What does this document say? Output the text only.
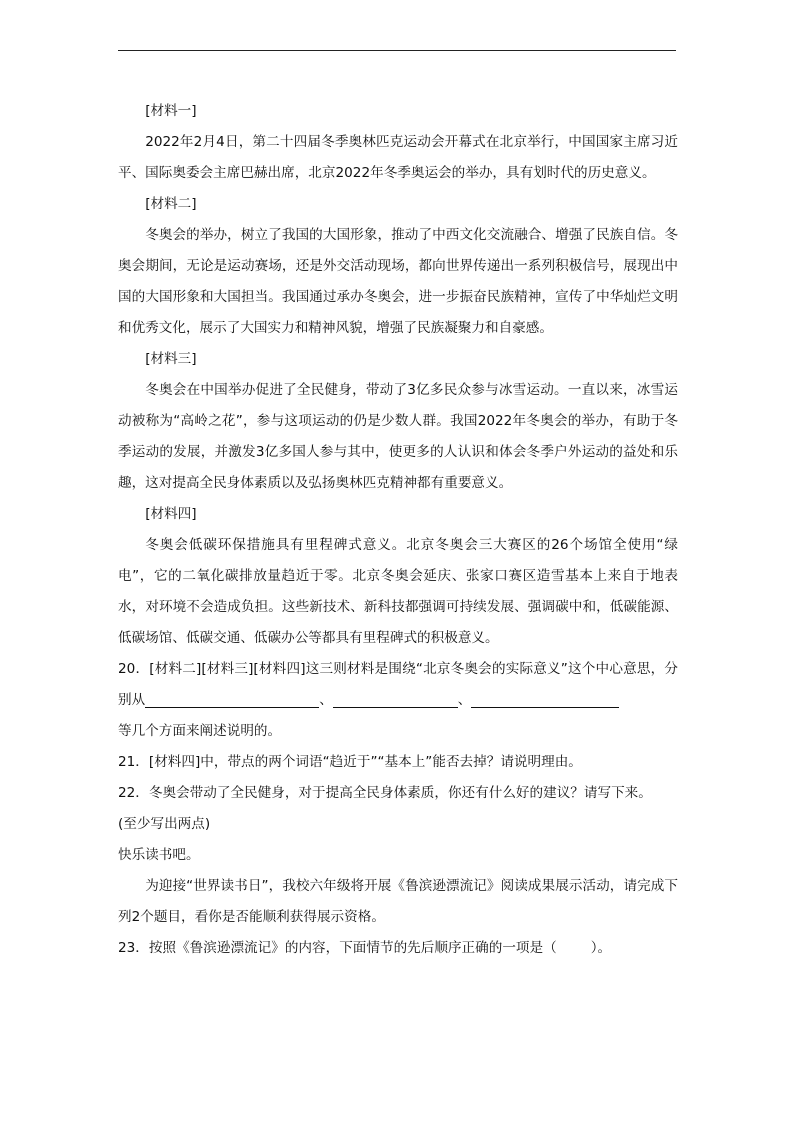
[材料一]

2022年2月4日，第二十四届冬季奥林匹克运动会开幕式在北京举行，中国国家主席习近平、国际奥委会主席巴赫出席，北京2022年冬季奥运会的举办，具有划时代的历史意义。

[材料二]

冬奥会的举办，树立了我国的大国形象，推动了中西文化交流融合、增强了民族自信。冬奥会期间，无论是运动赛场，还是外交活动现场，都向世界传递出一系列积极信号，展现出中国的大国形象和大国担当。我国通过承办冬奥会，进一步振奋民族精神，宣传了中华灿烂文明和优秀文化，展示了大国实力和精神风貌，增强了民族凝聚力和自豪感。

[材料三]

冬奥会在中国举办促进了全民健身，带动了3亿多民众参与冰雪运动。一直以来，冰雪运动被称为“高岭之花”，参与这项运动的仍是少数人群。我国2022年冬奥会的举办，有助于冬季运动的发展，并激发3亿多国人参与其中，使更多的人认识和体会冬季户外运动的益处和乐趣，这对提高全民身体素质以及弘扬奥林匹克精神都有重要意义。

[材料四]

冬奥会低碳环保措施具有里程碑式意义。北京冬奥会三大赛区的26个场馆全使用“绿电”，它的二氧化碳排放量趋近于零。北京冬奥会延庆、张家口赛区造雪基本上来自于地表水，对环境不会造成负担。这些新技术、新科技都强调可持续发展、强调碳中和，低碳能源、低碳场馆、低碳交通、低碳办公等都具有里程碑式的积极意义。

20．[材料二][材料三][材料四]这三则材料是围绕“北京冬奥会的实际意义”这个中心意思，分别从	、	、
等几个方面来阐述说明的。

21．[材料四]中，带点的两个词语“趋近于”“基本上”能否去掉？请说明理由。

22．冬奥会带动了全民健身，对于提高全民身体素质，你还有什么好的建议？请写下来。

(至少写出两点)

快乐读书吧。

为迎接“世界读书日”，我校六年级将开展《鲁滨逊漂流记》阅读成果展示活动，请完成下列2个题目，看你是否能顺利获得展示资格。

23．按照《鲁滨逊漂流记》的内容，下面情节的先后顺序正确的一项是（	）。
